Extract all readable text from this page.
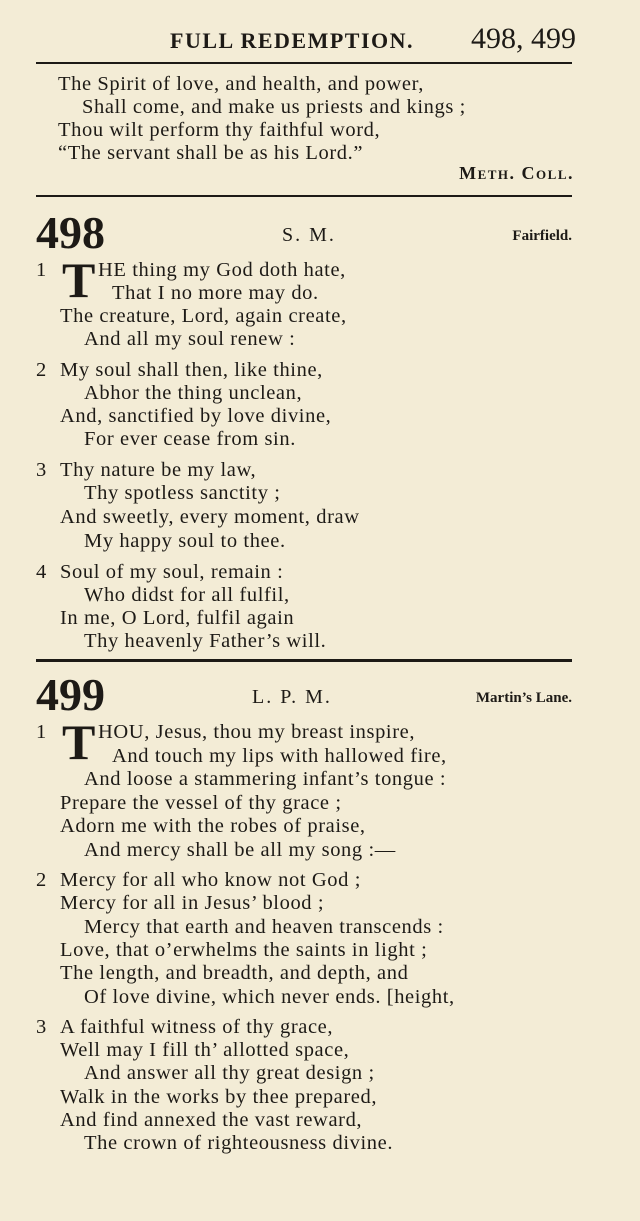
FULL REDEMPTION. 498, 499
The Spirit of love, and health, and power,
Shall come, and make us priests and kings ;
Thou wilt perform thy faithful word,
“The servant shall be as his Lord.”
Meth. Coll.
498	S. M.	Fairfield.
1 T HE thing my God doth hate,
That I no more may do.
The creature, Lord, again create,
And all my soul renew :
2 My soul shall then, like thine,
Abhor the thing unclean,
And, sanctified by love divine,
For ever cease from sin.
3 Thy nature be my law,
Thy spotless sanctity ;
And sweetly, every moment, draw
My happy soul to thee.
4 Soul of my soul, remain :
Who didst for all fulfil,
In me, O Lord, fulfil again
Thy heavenly Father’s will.
499	L. P. M.	Martin’s Lane.
1 T HOU, Jesus, thou my breast inspire,
And touch my lips with hallowed fire,
And loose a stammering infant’s tongue :
Prepare the vessel of thy grace ;
Adorn me with the robes of praise,
And mercy shall be all my song :—
2 Mercy for all who know not God ;
Mercy for all in Jesus’ blood ;
Mercy that earth and heaven transcends :
Love, that o’erwhelms the saints in light ;
The length, and breadth, and depth, and
Of love divine, which never ends. [height,
3 A faithful witness of thy grace,
Well may I fill th’ allotted space,
And answer all thy great design ;
Walk in the works by thee prepared,
And find annexed the vast reward,
The crown of righteousness divine.
